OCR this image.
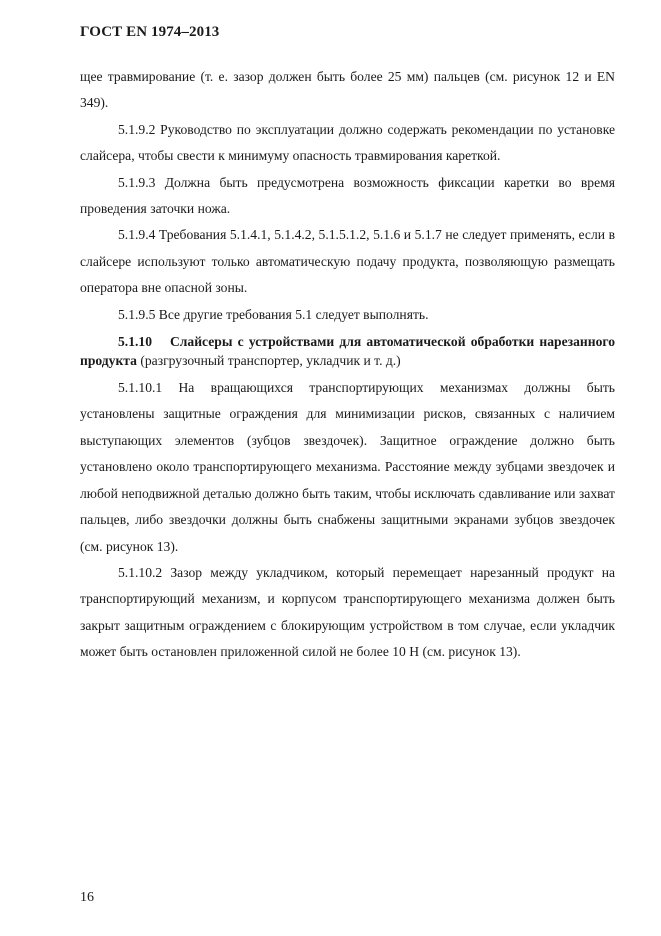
ГОСТ EN 1974–2013

щее травмирование (т. е. зазор должен быть более 25 мм) пальцев (см. рисунок 12 и EN 349).

5.1.9.2 Руководство по эксплуатации должно содержать рекомендации по установке слайсера, чтобы свести к минимуму опасность травмирования кареткой.

5.1.9.3 Должна быть предусмотрена возможность фиксации каретки во время проведения заточки ножа.

5.1.9.4 Требования 5.1.4.1, 5.1.4.2, 5.1.5.1.2, 5.1.6 и 5.1.7 не следует применять, если в слайсере используют только автоматическую подачу продукта, позволяющую размещать оператора вне опасной зоны.

5.1.9.5 Все другие требования 5.1 следует выполнять.

5.1.10 Слайсеры с устройствами для автоматической обработки нарезанного продукта (разгрузочный транспортер, укладчик и т. д.)

5.1.10.1 На вращающихся транспортирующих механизмах должны быть установлены защитные ограждения для минимизации рисков, связанных с наличием выступающих элементов (зубцов звездочек). Защитное ограждение должно быть установлено около транспортирующего механизма. Расстояние между зубцами звездочек и любой неподвижной деталью должно быть таким, чтобы исключать сдавливание или захват пальцев, либо звездочки должны быть снабжены защитными экранами зубцов звездочек (см. рисунок 13).

5.1.10.2 Зазор между укладчиком, который перемещает нарезанный продукт на транспортирующий механизм, и корпусом транспортирующего механизма должен быть закрыт защитным ограждением с блокирующим устройством в том случае, если укладчик может быть остановлен приложенной силой не более 10 Н (см. рисунок 13).

16
